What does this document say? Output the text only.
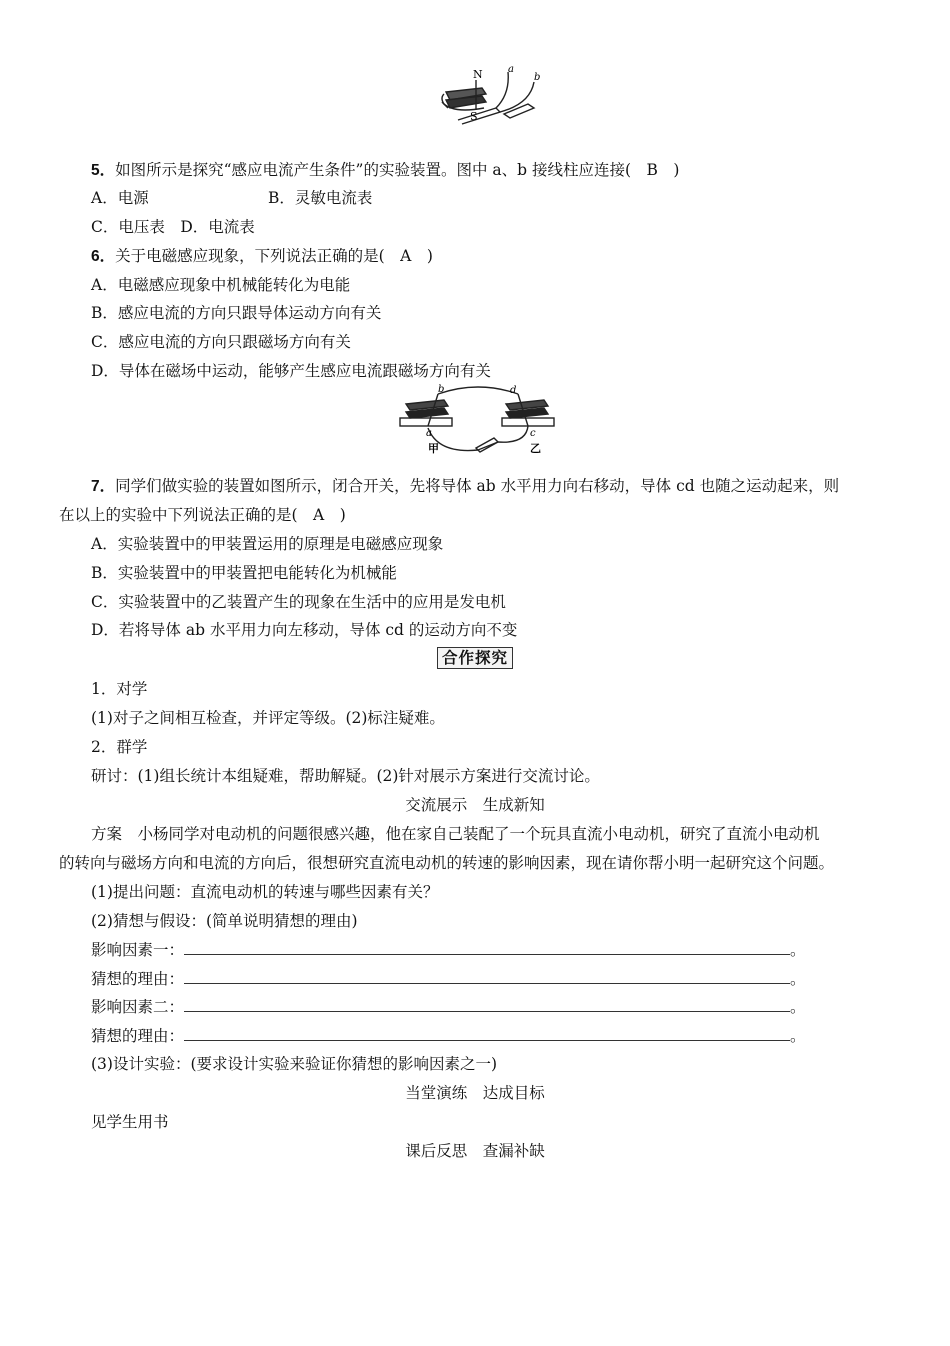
N
S
a
b
5．如图所示是探究“感应电流产生条件”的实验装置。图中 a、b 接线柱应连接(　B　)
A．电源	B．灵敏电流表
C．电压表　D．电流表
6．关于电磁感应现象，下列说法正确的是(　A　)
A．电磁感应现象中机械能转化为电能
B．感应电流的方向只跟导体运动方向有关
C．感应电流的方向只跟磁场方向有关
D．导体在磁场中运动，能够产生感应电流跟磁场方向有关
b	d
a	c
甲	乙
7．同学们做实验的装置如图所示，闭合开关，先将导体 ab 水平用力向右移动，导体 cd 也随之运动起来，则
在以上的实验中下列说法正确的是(　A　)
A．实验装置中的甲装置运用的原理是电磁感应现象
B．实验装置中的甲装置把电能转化为机械能
C．实验装置中的乙装置产生的现象在生活中的应用是发电机
D．若将导体 ab 水平用力向左移动，导体 cd 的运动方向不变
合作探究
1．对学
(1)对子之间相互检查，并评定等级。(2)标注疑难。
2．群学
研讨：(1)组长统计本组疑难，帮助解疑。(2)针对展示方案进行交流讨论。
交流展示　生成新知
方案　小杨同学对电动机的问题很感兴趣，他在家自己装配了一个玩具直流小电动机，研究了直流小电动机
的转向与磁场方向和电流的方向后，很想研究直流电动机的转速的影响因素，现在请你帮小明一起研究这个问题。
(1)提出问题：直流电动机的转速与哪些因素有关？
(2)猜想与假设：(简单说明猜想的理由)
影响因素一：	。
猜想的理由：	。
影响因素二：	。
猜想的理由：	。
(3)设计实验：(要求设计实验来验证你猜想的影响因素之一)
当堂演练　达成目标
见学生用书
课后反思　查漏补缺
